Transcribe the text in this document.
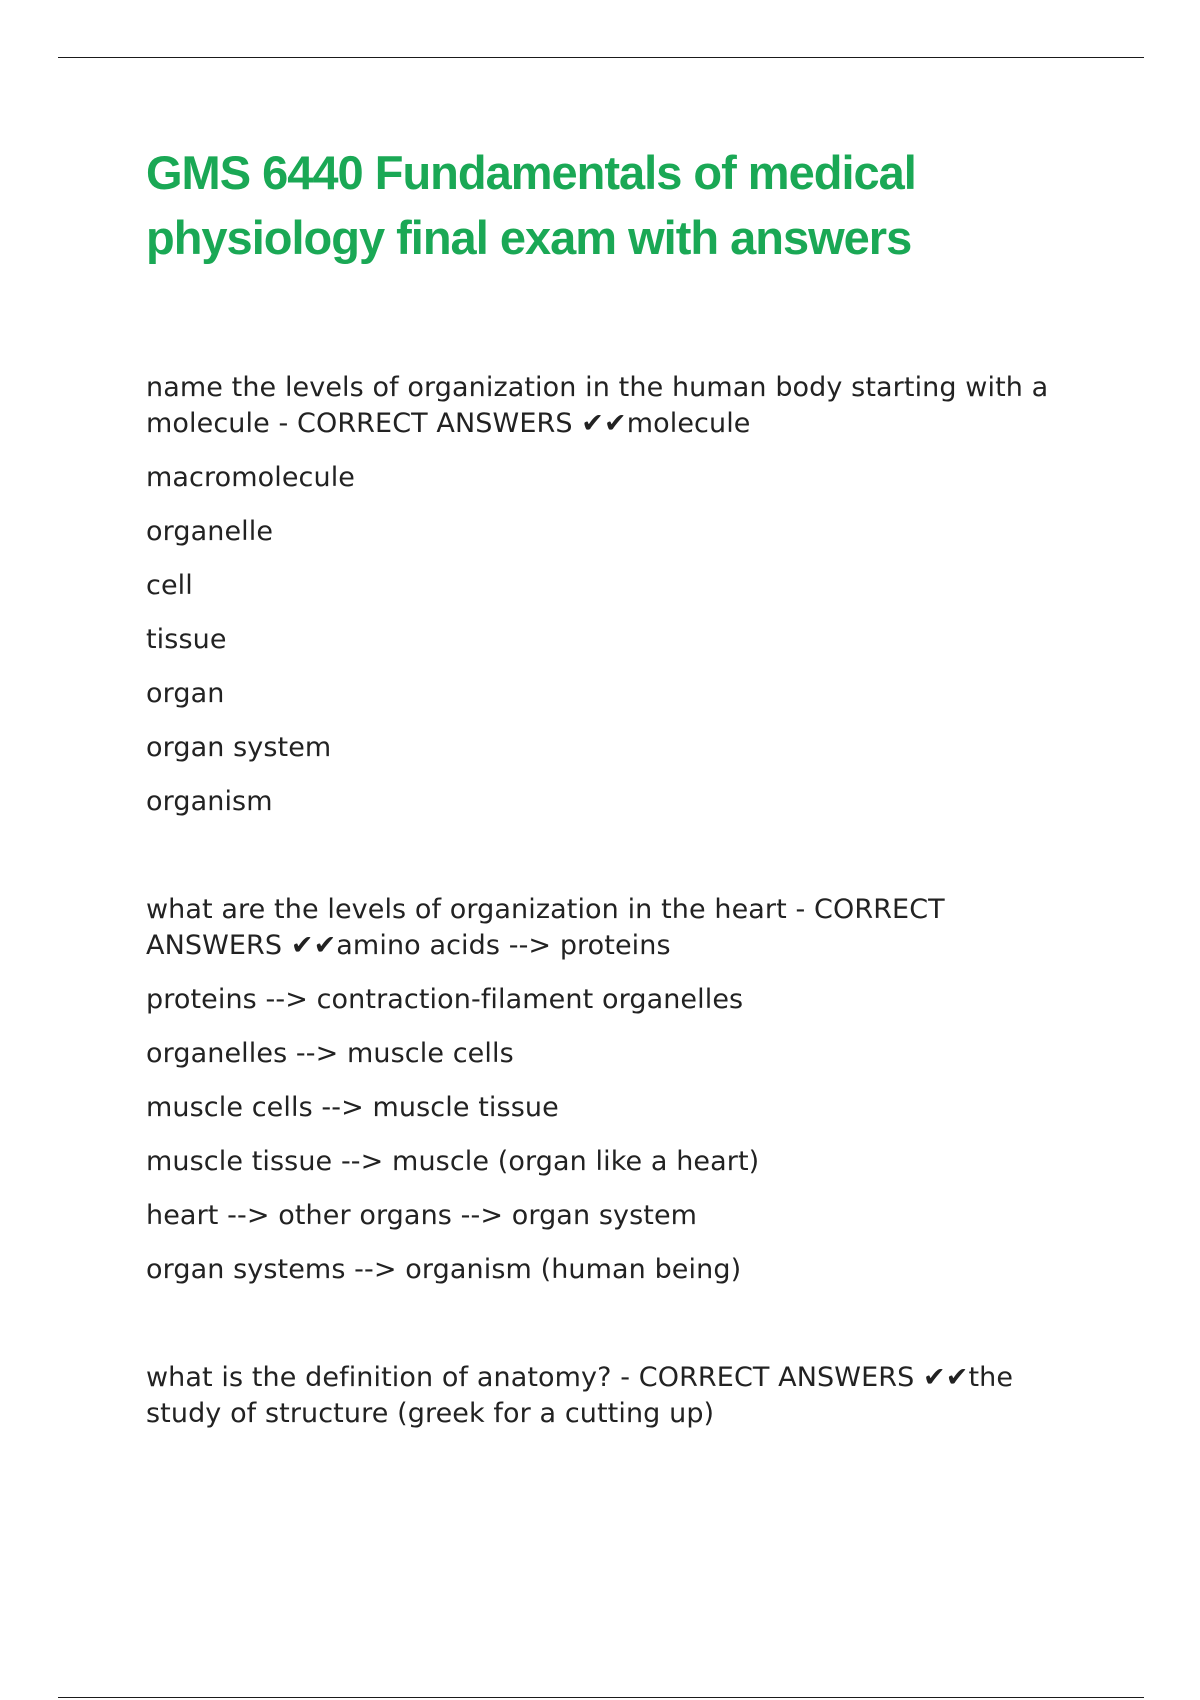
GMS 6440 Fundamentals of medical physiology final exam with answers

name the levels of organization in the human body starting with a molecule - CORRECT ANSWERS ✔✔molecule

macromolecule

organelle

cell

tissue

organ

organ system

organism

what are the levels of organization in the heart - CORRECT ANSWERS ✔✔amino acids --> proteins

proteins --> contraction-filament organelles

organelles --> muscle cells

muscle cells --> muscle tissue

muscle tissue --> muscle (organ like a heart)

heart --> other organs --> organ system

organ systems --> organism (human being)

what is the definition of anatomy? - CORRECT ANSWERS ✔✔the study of structure (greek for a cutting up)
